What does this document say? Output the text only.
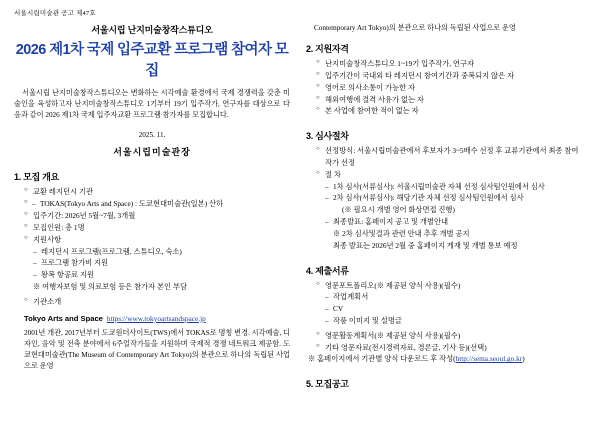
서울시립미술관 공고 제47호
서울시립 난지미술창작스튜디오
2026 제1차 국제 입주교환 프로그램 참여자 모집

서울시립 난지미술창작스튜디오는 변화하는 시각예술 환경에서 국제 경쟁력을 갖춘 미술인을 육성하고자 난지미술창작스튜디오 1기부터 19기 입주작가, 연구자를 대상으로 다음과 같이 2026 제1차 국제 입주자교환 프로그램 참가자를 모집합니다.

2025. 11.
서울시립미술관장
1. 모집 개요
○ 교환 레지던시 기관
– ○ TOKAS(Tokyo Arts and Space) : 도쿄현대미술관(일본) 산하
○ 입주기간: 2026년 5월~7월, 3개월
○ 모집인원: 총 1명
○ 지원사항
– 레지던시 프로그램(프로그램, 스튜디오, 숙소)
– 프로그램 참가비 지원
– 왕복 항공료 지원
※ 여행자보험 및 의료보험 등은 참가자 본인 부담
○ 기관소개
Tokyo Arts and Space https://www.tokyoartsandspace.jp

2001년 개관, 2017년부터 도쿄원더사이트(TWS)에서 TOKAS로 명칭 변경. 시각예술, 디자인, 음악 및 전축 분야에서 6주얼작가들을 지원하며 국제적 경쟁 네트워크 제공함. 도쿄현대미술관(The Museum of Contemporary Art Tokyo)의 분관으로 하나의 독립된 사업으로 운영

Contemporary Art Tokyo)의 분관으로 하나의 독립된 사업으로 운영
2. 지원자격
○ 난지미술창작스튜디오 1~19기 입주작가, 연구자
○ 입주기간이 국내외 타 레지던시 참여기간과 중복되지 않은 자
○ 영어로 의사소통이 가능한 자
○ 해외여행에 결격 사유가 없는 자
○ 본 사업에 참여한 적이 없는 자
3. 심사절차
○ 선정방식: 서울시립미술관에서 후보자가 3~5배수 선정 후 교류기관에서 최종 참여 작가 선정
○ 절 차
– 1차 심사(서류심사): 서울시립미술관 자체 선정 심사팀인원에서 심사
– 2차 심사(서류심사): 해당기관 자체 선정 심사팀인원에서 심사
(※ 필요시 개별 영어 화상면접 진행)
– 최종발표: 홈페이지 공고 및 개별안내
※ 2차 심사및결과 관련 안내 추후 개별 공지
최종 발표는 2026년 2월 중 홈페이지 게재 및 개별 통보 예정
4. 제출서류
○ 영문포트폴리오(※ 제공된 양식 사용)(필수)
– 작업계획서
– CV
– 작품 이미지 및 설명글
○ 영문활동계획서(※ 제공된 양식 사용)(필수)
○ 기타 영문자료(전시경력자료, 경론글, 기사 등)(선택)
※ 홈페이지에서 기관별 양식 다운로드 후 작성(http://sema.seoul.go.kr)
5. 모집공고
